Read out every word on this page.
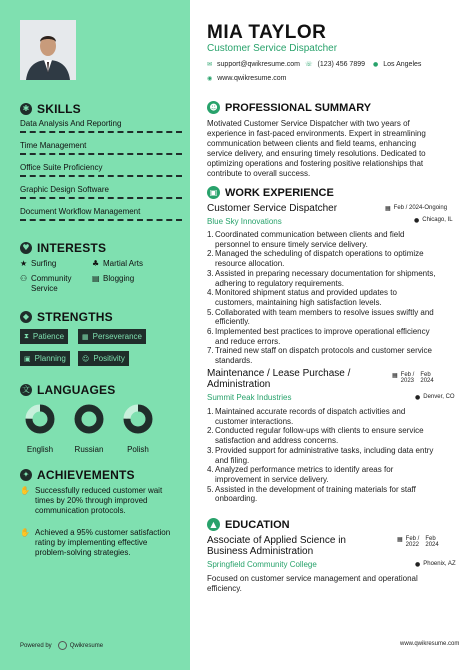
✱ SKILLS
Data Analysis And Reporting
Time Management
Office Suite Proficiency
Graphic Design Software
Document Workflow Management
♥ INTERESTS
★ Surfing	♣ Martial Arts
⚇ Community Service
▤ Blogging
◆ STRENGTHS
⧗ Patience	▦ Perseverance
▣ Planning ☺ Positivity
文 LANGUAGES
English	Russian	Polish
✦ ACHIEVEMENTS
✋ Successfully reduced customer wait times by 20% through improved communication protocols.
✋ Achieved a 95% customer satisfaction rating by implementing effective problem-solving strategies.
Powered by	Qwikresume
MIA TAYLOR
Customer Service Dispatcher
✉ support@qwikresume.com ☏ (123) 456 7899 ● Los Angeles
◉ www.qwikresume.com
☻ PROFESSIONAL SUMMARY
Motivated Customer Service Dispatcher with two years of
experience in fast-paced environments. Expert in streamlining
communication between clients and field teams, enhancing
service delivery, and ensuring timely resolutions. Dedicated to
optimizing operations and fostering positive relationships that
contribute to overall success.
▣ WORK EXPERIENCE
Customer Service Dispatcher
Blue Sky Innovations
▦ Feb / 2024-Ongoing
● Chicago, IL
1. Coordinated communication between clients and field
personnel to ensure timely service delivery.
2. Managed the scheduling of dispatch operations to optimize
resource allocation.
3. Assisted in preparing necessary documentation for shipments,
adhering to regulatory requirements.
4. Monitored shipment status and provided updates to
customers, maintaining high satisfaction levels.
5. Collaborated with team members to resolve issues swiftly and
efficiently.
6. Implemented best practices to improve operational efficiency
and reduce errors.
7. Trained new staff on dispatch protocols and customer service
standards.
Maintenance / Lease Purchase /
Administration
Summit Peak Industries
▦ Feb /
2023
Feb
2024
● Denver, CO
1. Maintained accurate records of dispatch activities and
customer interactions.
2. Conducted regular follow-ups with clients to ensure service
satisfaction and address concerns.
3. Provided support for administrative tasks, including data entry
and filing.
4. Analyzed performance metrics to identify areas for
improvement in service delivery.
5. Assisted in the development of training materials for staff
onboarding.
▲ EDUCATION
Associate of Applied Science in
Business Administration
Springfield Community College
▦ Feb /
2022
Feb
2024
● Phoenix, AZ
Focused on customer service management and operational
efficiency.
www.qwikresume.com
